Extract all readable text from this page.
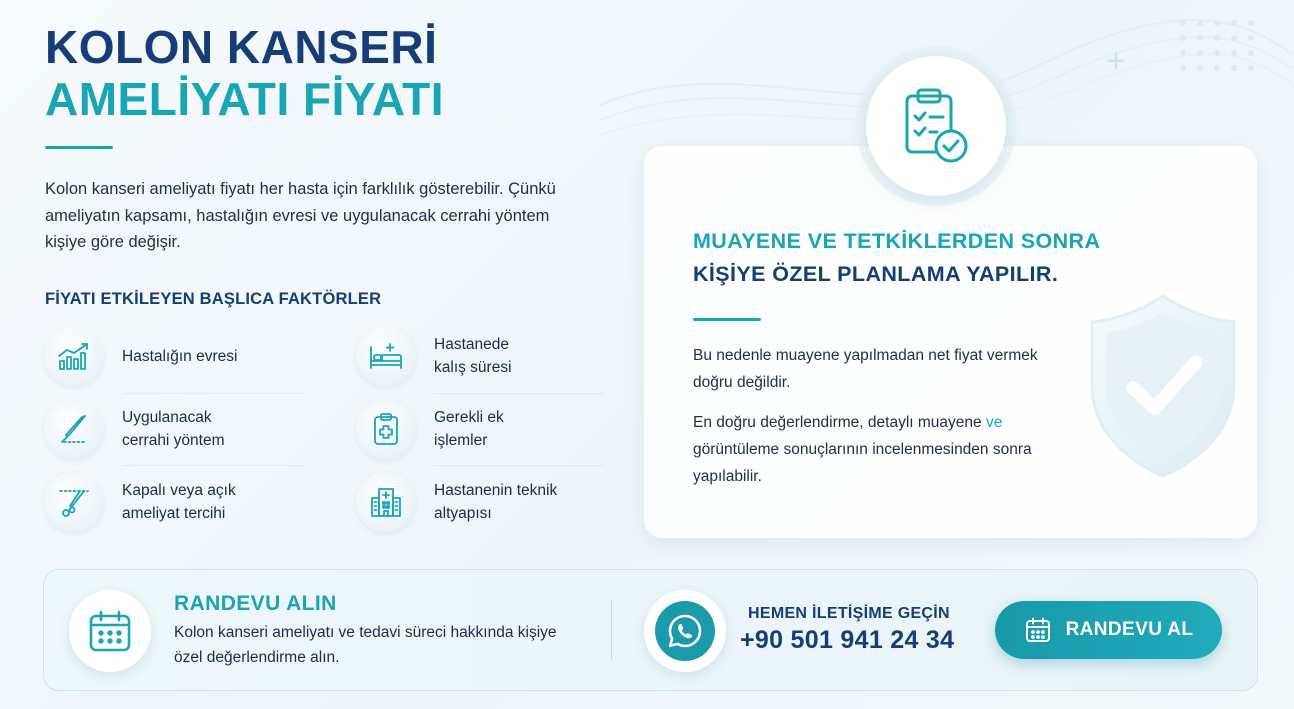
+
KOLON KANSERİ
AMELİYATI FİYATI

Kolon kanseri ameliyatı fiyatı her hasta için farklılık gösterebilir. Çünkü ameliyatın kapsamı, hastalığın evresi ve uygulanacak cerrahi yöntem kişiye göre değişir.

FİYATI ETKİLEYEN BAŞLICA FAKTÖRLER
Hastalığın evresi
Hastanede
kalış süresi
Uygulanacak
cerrahi yöntem
Gerekli ek
işlemler
Kapalı veya açık
ameliyat tercihi
Hastanenin teknik
altyapısı
MUAYENE VE TETKİKLERDEN SONRA
KİŞİYE ÖZEL PLANLAMA YAPILIR.

Bu nedenle muayene yapılmadan net fiyat vermek doğru değildir.

En doğru değerlendirme, detaylı muayene ve görüntüleme sonuçlarının incelenmesinden sonra yapılabilir.

RANDEVU ALIN

Kolon kanseri ameliyatı ve tedavi süreci hakkında kişiye özel değerlendirme alın.

HEMEN İLETİŞİME GEÇİN
+90 501 941 24 34	RANDEVU AL
